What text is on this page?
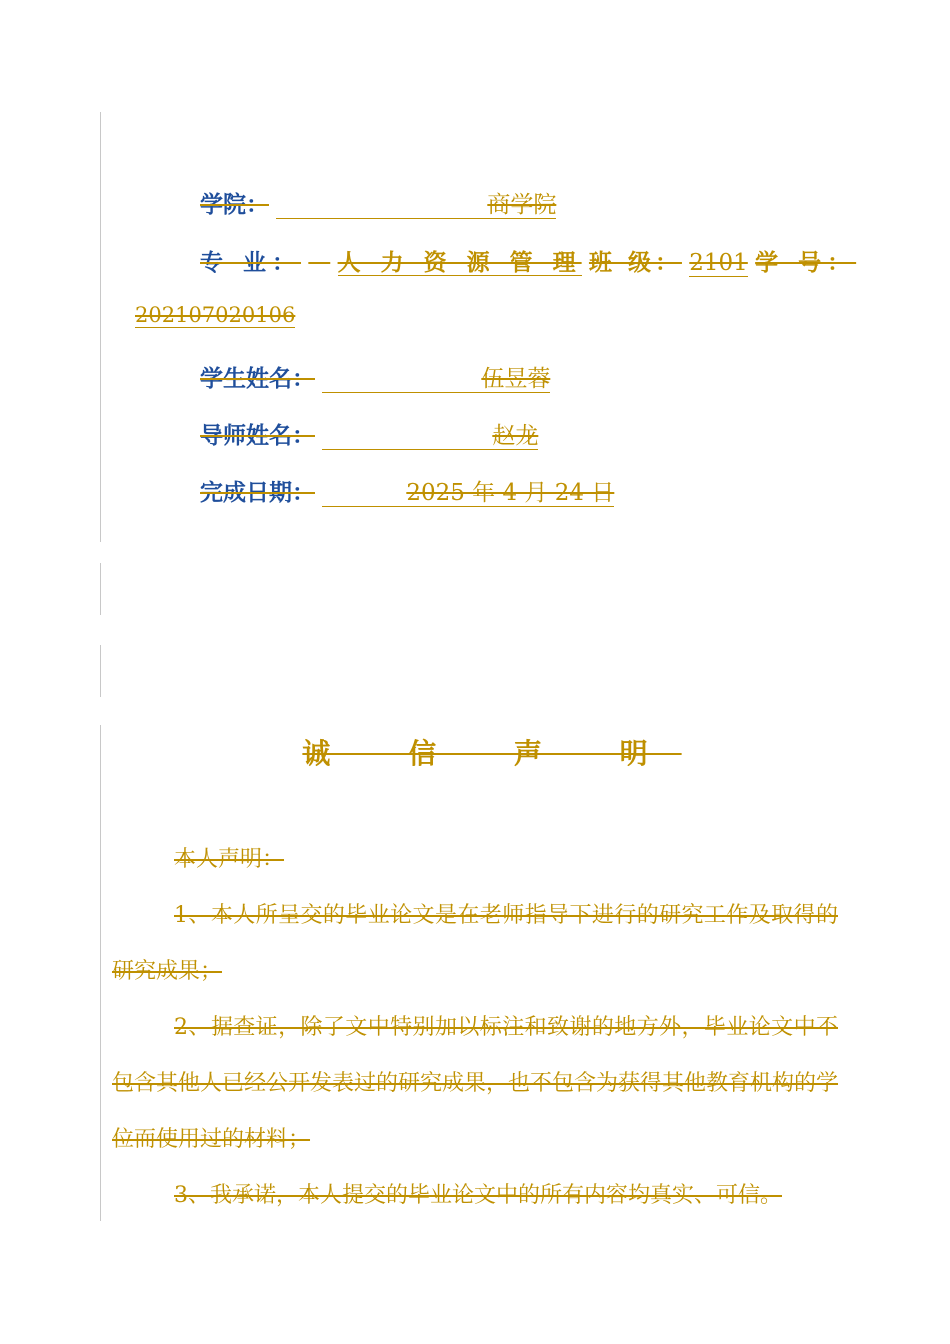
学院：	商学院
专 业： 人 力 资 源 管 理 班 级： 2101 学 号：
202107020106
学生姓名：	伍昱蓉
导师姓名：	赵龙
完成日期：	2025 年 4 月 24 日
诚 信 声 明
本人声明：
1、本人所呈交的毕业论文是在老师指导下进行的研究工作及取得的研究成果；
2、据查证，除了文中特别加以标注和致谢的地方外，毕业论文中不包含其他人已经公开发表过的研究成果，也不包含为获得其他教育机构的学位而使用过的材料；
3、我承诺，本人提交的毕业论文中的所有内容均真实、可信。
